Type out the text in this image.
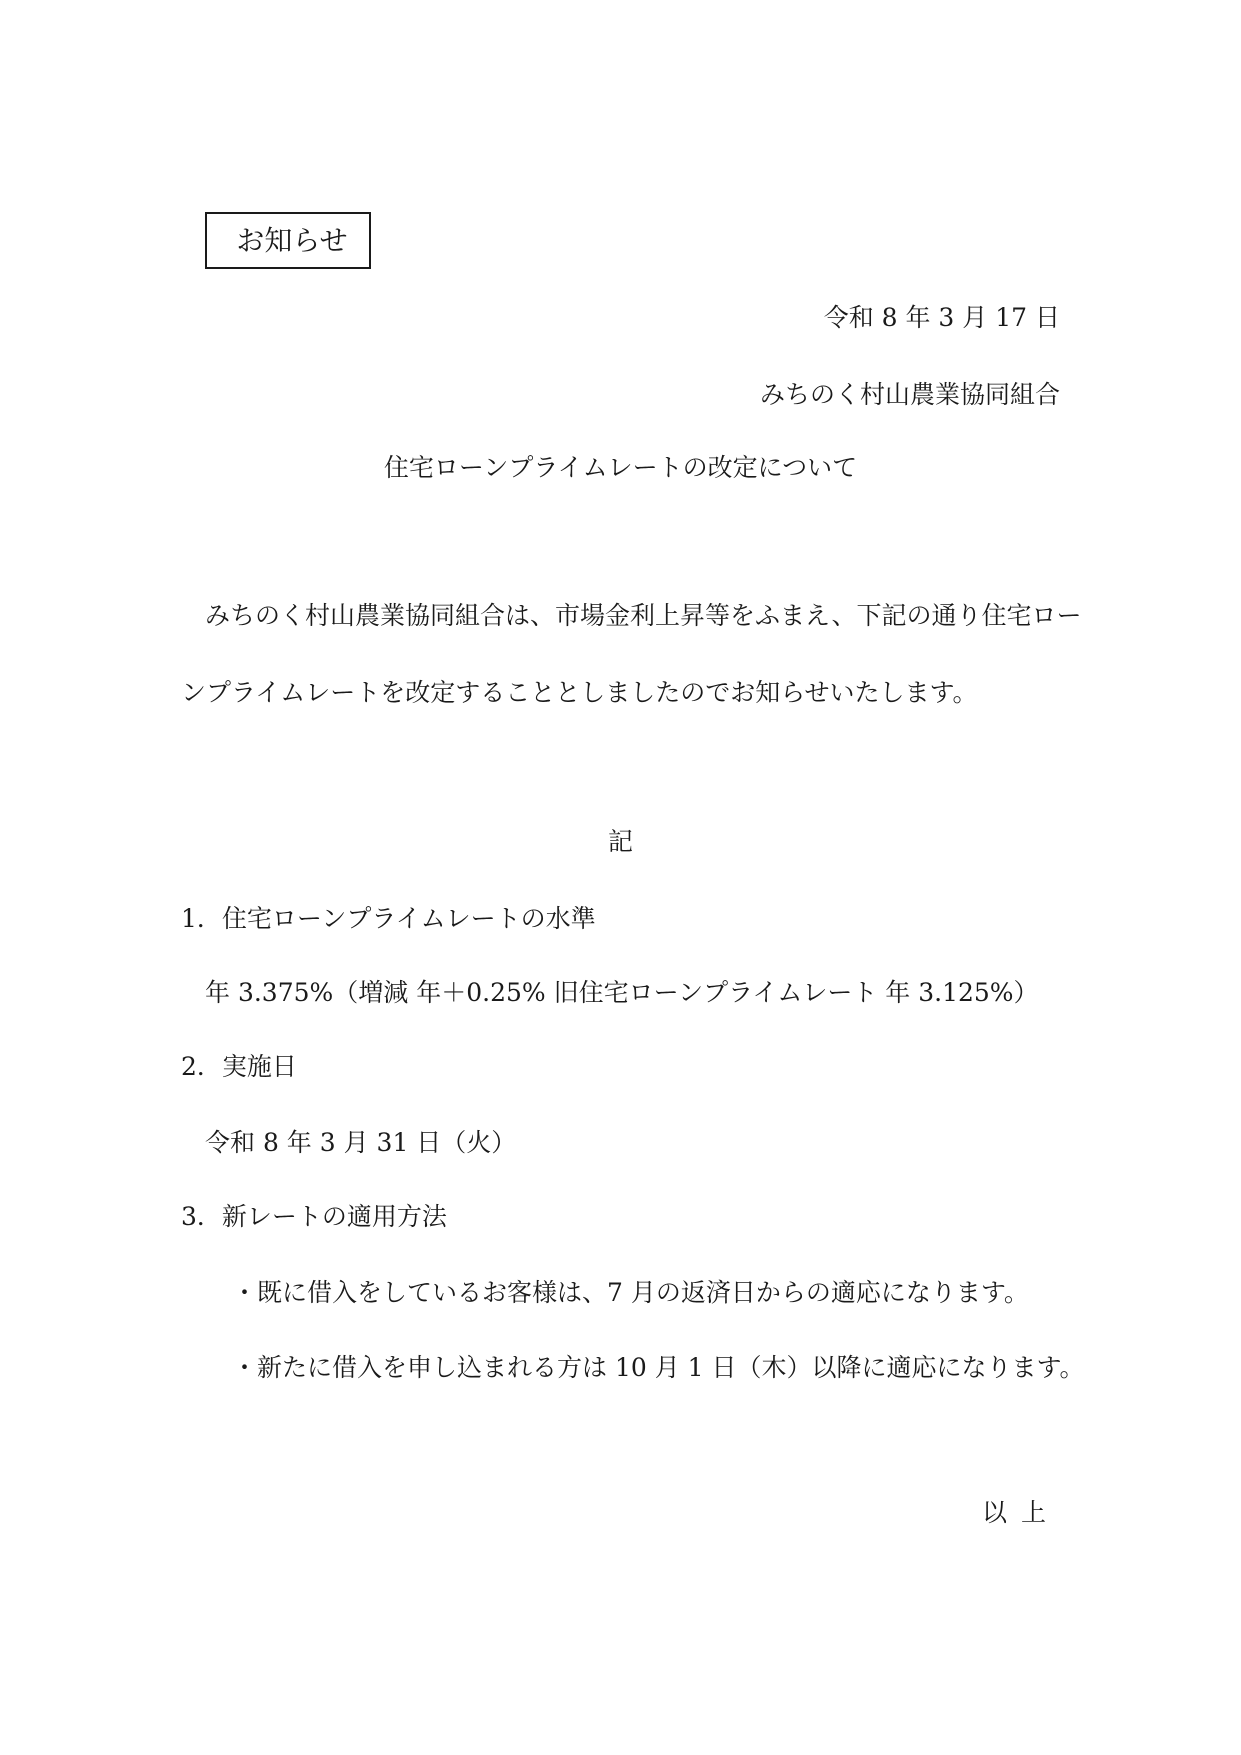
お知らせ
令和 8 年 3 月 17 日
みちのく村山農業協同組合
住宅ローンプライムレートの改定について
みちのく村山農業協同組合は、市場金利上昇等をふまえ、下記の通り住宅ロー
ンプライムレートを改定することとしましたのでお知らせいたします。
記
1．住宅ローンプライムレートの水準
年 3.375%（増減 年＋0.25% 旧住宅ローンプライムレート 年 3.125%）
2．実施日
令和 8 年 3 月 31 日（火）
3．新レートの適用方法
・既に借入をしているお客様は、7 月の返済日からの適応になります。
・新たに借入を申し込まれる方は 10 月 1 日（木）以降に適応になります。
以上
